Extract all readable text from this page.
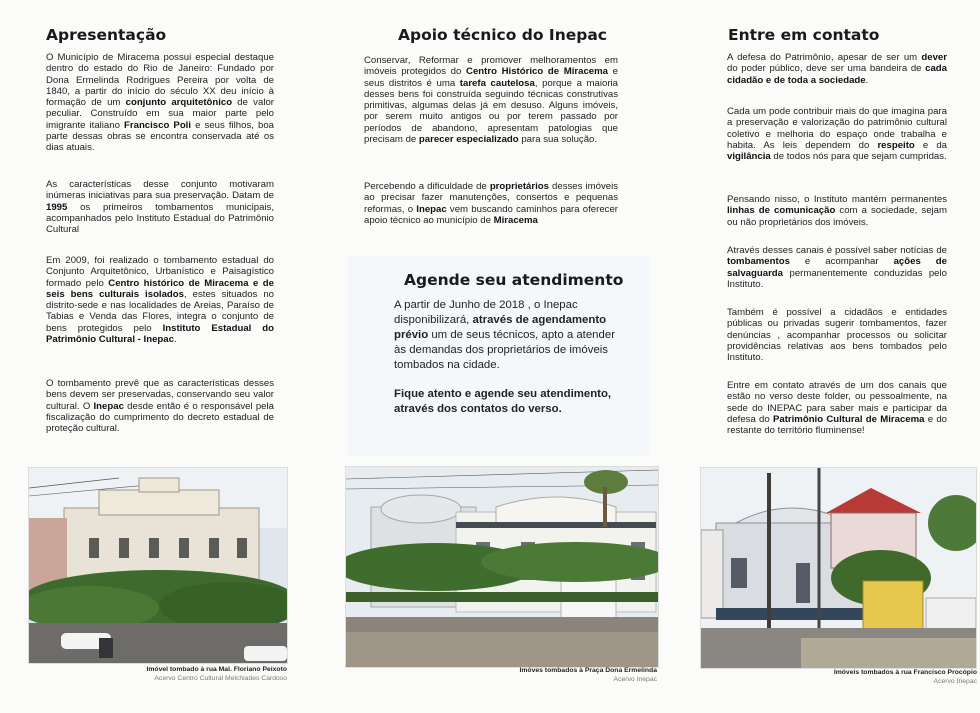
Apresentação

O Município de Miracema possui especial destaque dentro do estado do Rio de Janeiro: Fundado por Dona Ermelinda Rodrigues Pereira por volta de 1840, a partir do início do século XX deu início à formação de um conjunto arquitetônico de valor peculiar. Construído em sua maior parte pelo imigrante italiano Francisco Poli e seus filhos, boa parte dessas obras se encontra conservada até os dias atuais.

As características desse conjunto motivaram inúmeras iniciativas para sua preservação. Datam de 1995 os primeiros tombamentos municipais, acompanhados pelo Instituto Estadual do Patrimônio Cultural

Em 2009, foi realizado o tombamento estadual do Conjunto Arquitetônico, Urbanístico e Paisagístico formado pelo Centro histórico de Miracema e de seis bens culturais isolados, estes situados no distrito-sede e nas localidades de Areias, Paraíso de Tabias e Venda das Flores, integra o conjunto de bens protegidos pelo Instituto Estadual do Patrimônio Cultural - Inepac.

O tombamento prevê que as características desses bens devem ser preservadas, conservando seu valor cultural. O Inepac desde então é o responsável pela fiscalização do cumprimento do decreto estadual de proteção cultural.

Apoio técnico do Inepac

Conservar, Reformar e promover melhoramentos em imóveis protegidos do Centro Histórico de Miracema e seus distritos é uma tarefa cautelosa, porque a maioria desses bens foi construída seguindo técnicas construtivas primitivas, algumas delas já em desuso. Alguns imóveis, por serem muito antigos ou por terem passado por períodos de abandono, apresentam patologias que precisam de parecer especializado para sua solução.

Percebendo a dificuldade de proprietários desses imóveis ao precisar fazer manutenções, consertos e pequenas reformas, o Inepac vem buscando caminhos para oferecer apoio técnico ao município de Miracema

Agende seu atendimento

A partir de Junho de 2018 , o Inepac disponibilizará, através de agendamento prévio um de seus técnicos, apto a atender às demandas dos proprietários de imóveis tombados na cidade.

Fique atento e agende seu atendimento, através dos contatos do verso.

Entre em contato

A defesa do Patrimônio, apesar de ser um dever do poder público, deve ser uma bandeira de cada cidadão e de toda a sociedade.

Cada um pode contribuir mais do que imagina para a preservação e valorização do patrimônio cultural coletivo e melhoria do espaço onde trabalha e habita. As leis dependem do respeito e da vigilância de todos nós para que sejam cumpridas.

Pensando nisso, o Instituto mantém permanentes linhas de comunicação com a sociedade, sejam ou não proprietários dos imóveis.

Através desses canais é possível saber notícias de tombamentos e acompanhar ações de salvaguarda permanentemente conduzidas pelo Instituto.

Também é possível a cidadãos e entidades públicas ou privadas sugerir tombamentos, fazer denúncias , acompanhar processos ou solicitar providências relativas aos bens tombados pelo Instituto.

Entre em contato através de um dos canais que estão no verso deste folder, ou pessoalmente, na sede do INEPAC para saber mais e participar da defesa do Patrimônio Cultural de Miracema e do restante do território fluminense!

Imóvel tombado à rua Mal. Floriano Peixoto
Acervo Centro Cultural Melchiades Cardoso
Imóves tombados à Praça Dona Ermelinda
Acervo Inepac
Imóveis tombados à rua Francisco Procópio
Acervo Inepac
